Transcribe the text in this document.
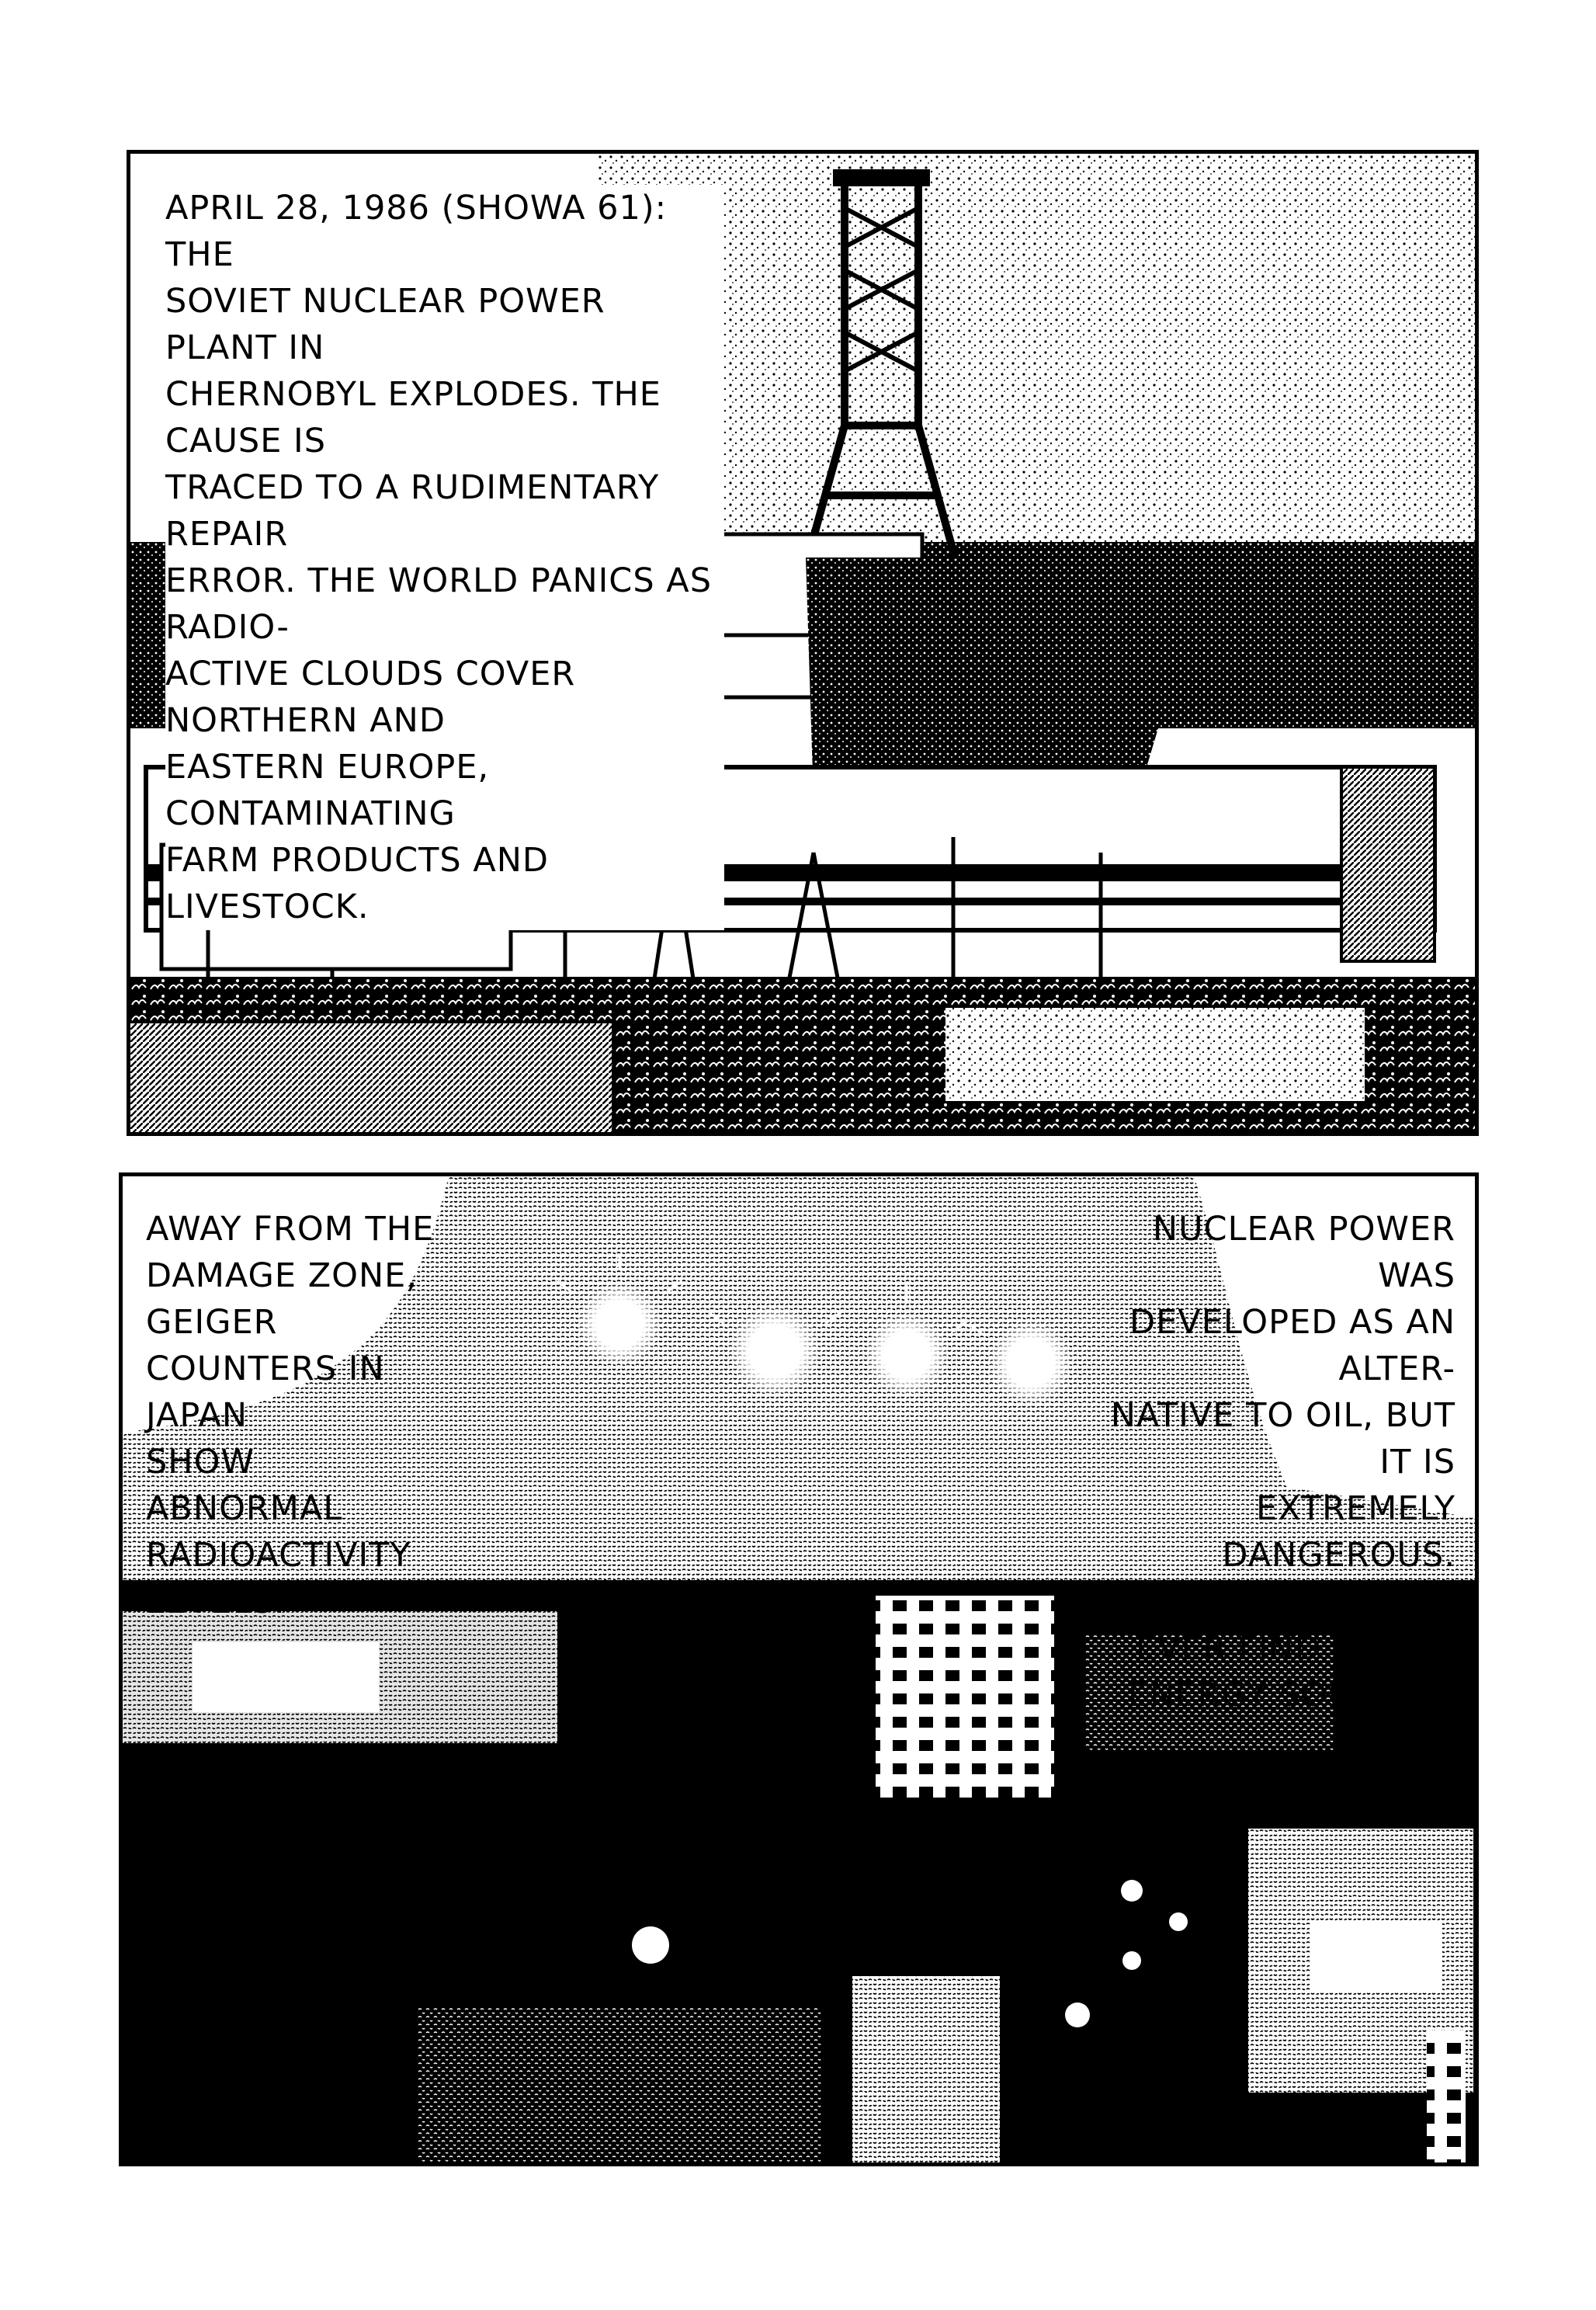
APRIL 28, 1986 (SHOWA 61): THE
SOVIET NUCLEAR POWER PLANT IN
CHERNOBYL EXPLODES. THE CAUSE IS
TRACED TO A RUDIMENTARY REPAIR
ERROR. THE WORLD PANICS AS RADIO-
ACTIVE CLOUDS COVER NORTHERN AND
EASTERN EUROPE, CONTAMINATING
FARM PRODUCTS AND LIVESTOCK.

AWAY FROM THE
DAMAGE ZONE, GEIGER
COUNTERS IN JAPAN
SHOW ABNORMAL
RADIOACTIVITY
LEVELS.

NUCLEAR POWER WAS
DEVELOPED AS AN ALTER-
NATIVE TO OIL, BUT IT IS
EXTREMELY DANGEROUS.
I WONDER IF WE'LL
EVER FIND A SAFE
ENERGY SOURCE...
